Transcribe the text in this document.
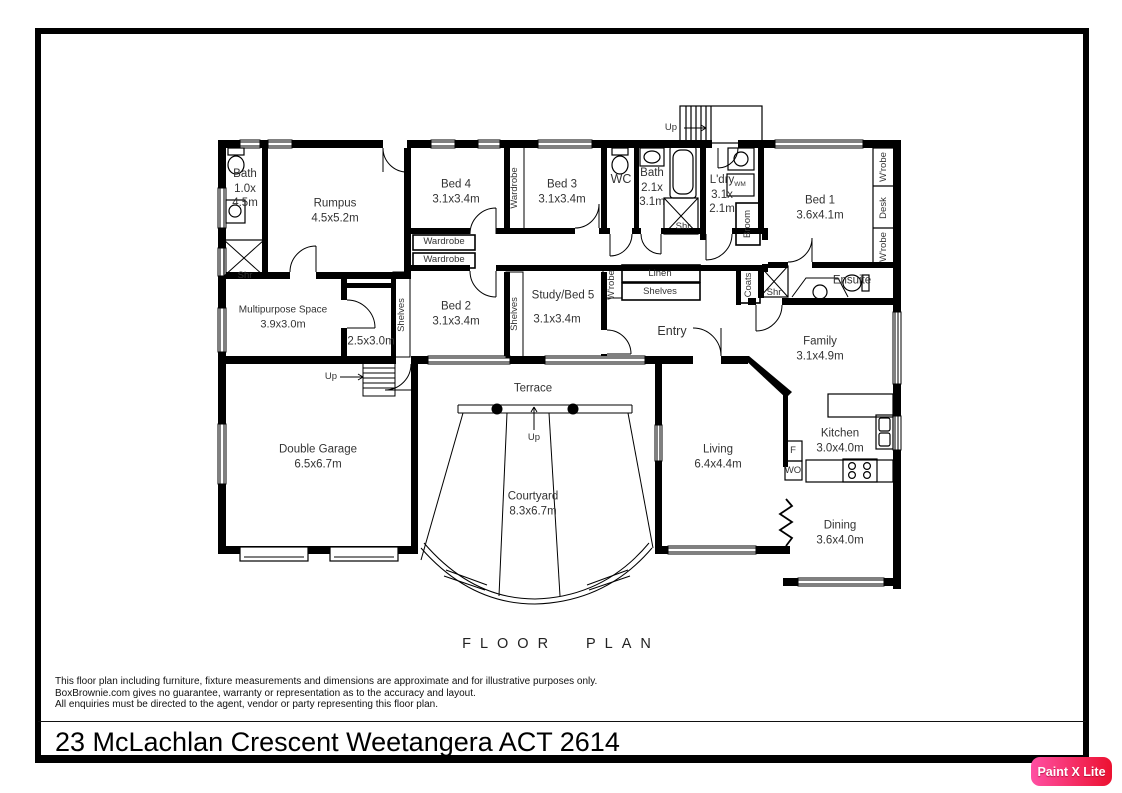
Bath
1.0x
4.5m
Shr
Rumpus
4.5x5.2m
Bed 4
3.1x3.4m
Wardrobe
Wardrobe
Wardrobe	Bed 3
3.1x3.4m
WC Bath
2.1x
3.1m
Shr
L'dry
3.1x
2.1m
WM
Broom
Bed 1
3.6x4.1m
W'robe
Desk
W'robe
Multipurpose Space
3.9x3.0m
2.5x3.0m
Shelves	Bed 2
3.1x3.4m	Shelves
Study/Bed 5
3.1x3.4m
W'robe	Linen
Shelves
Entry
Coats Shr
Ensuite
Family
3.1x4.9m
Up
Double Garage
6.5x6.7m
Up
Terrace
Up
Courtyard
8.3x6.7m
Living
6.4x4.4m
Kitchen
3.0x4.0m
F
WO
Dining
3.6x4.0m
FLOOR PLAN
This floor plan including furniture, fixture measurements and dimensions are approximate and for illustrative purposes only.
BoxBrownie.com gives no guarantee, warranty or representation as to the accuracy and layout.
All enquiries must be directed to the agent, vendor or party representing this floor plan.
23 McLachlan Crescent Weetangera ACT 2614
Paint X Lite
